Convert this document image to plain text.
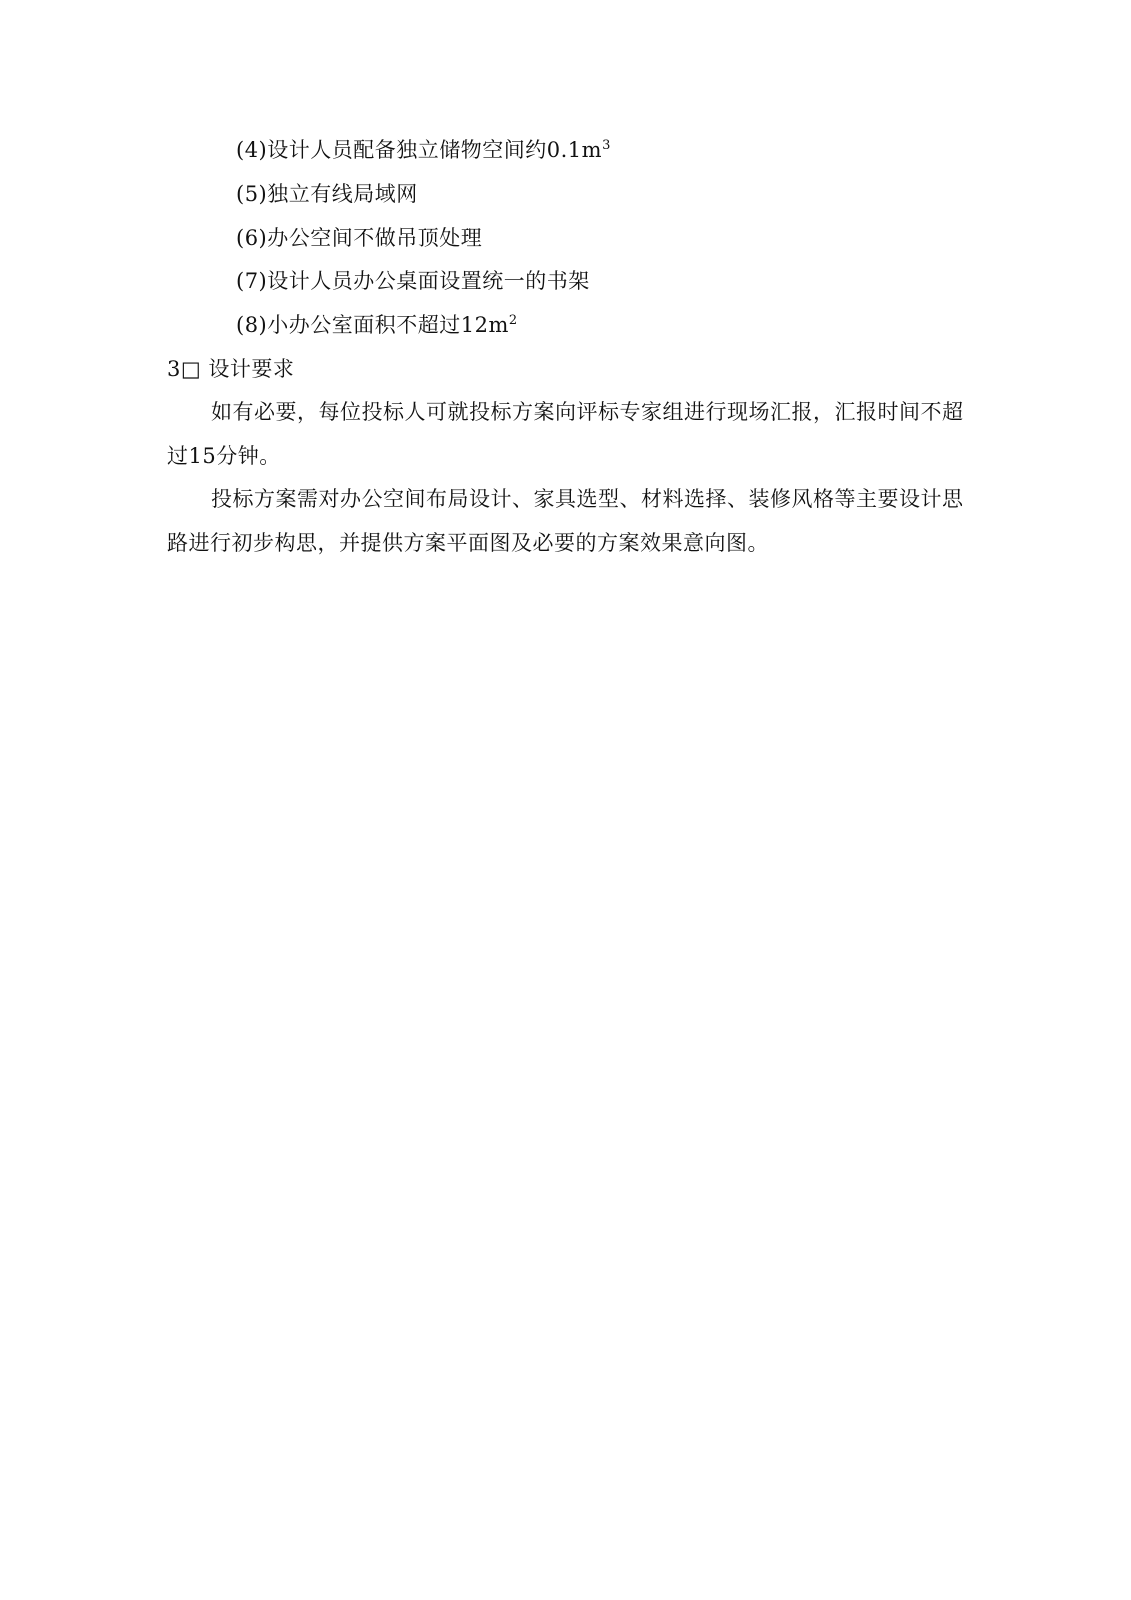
(4)设计人员配备独立储物空间约$0.1m^3$
(5)独立有线局域网
(6)办公空间不做吊顶处理
(7)设计人员办公桌面设置统一的书架
(8)小办公室面积不超过$12m^2$
3□ 设计要求
如有必要，每位投标人可就投标方案向评标专家组进行现场汇报，汇报时间不超
过15分钟。
投标方案需对办公空间布局设计、家具选型、材料选择、装修风格等主要设计思
路进行初步构思，并提供方案平面图及必要的方案效果意向图。
